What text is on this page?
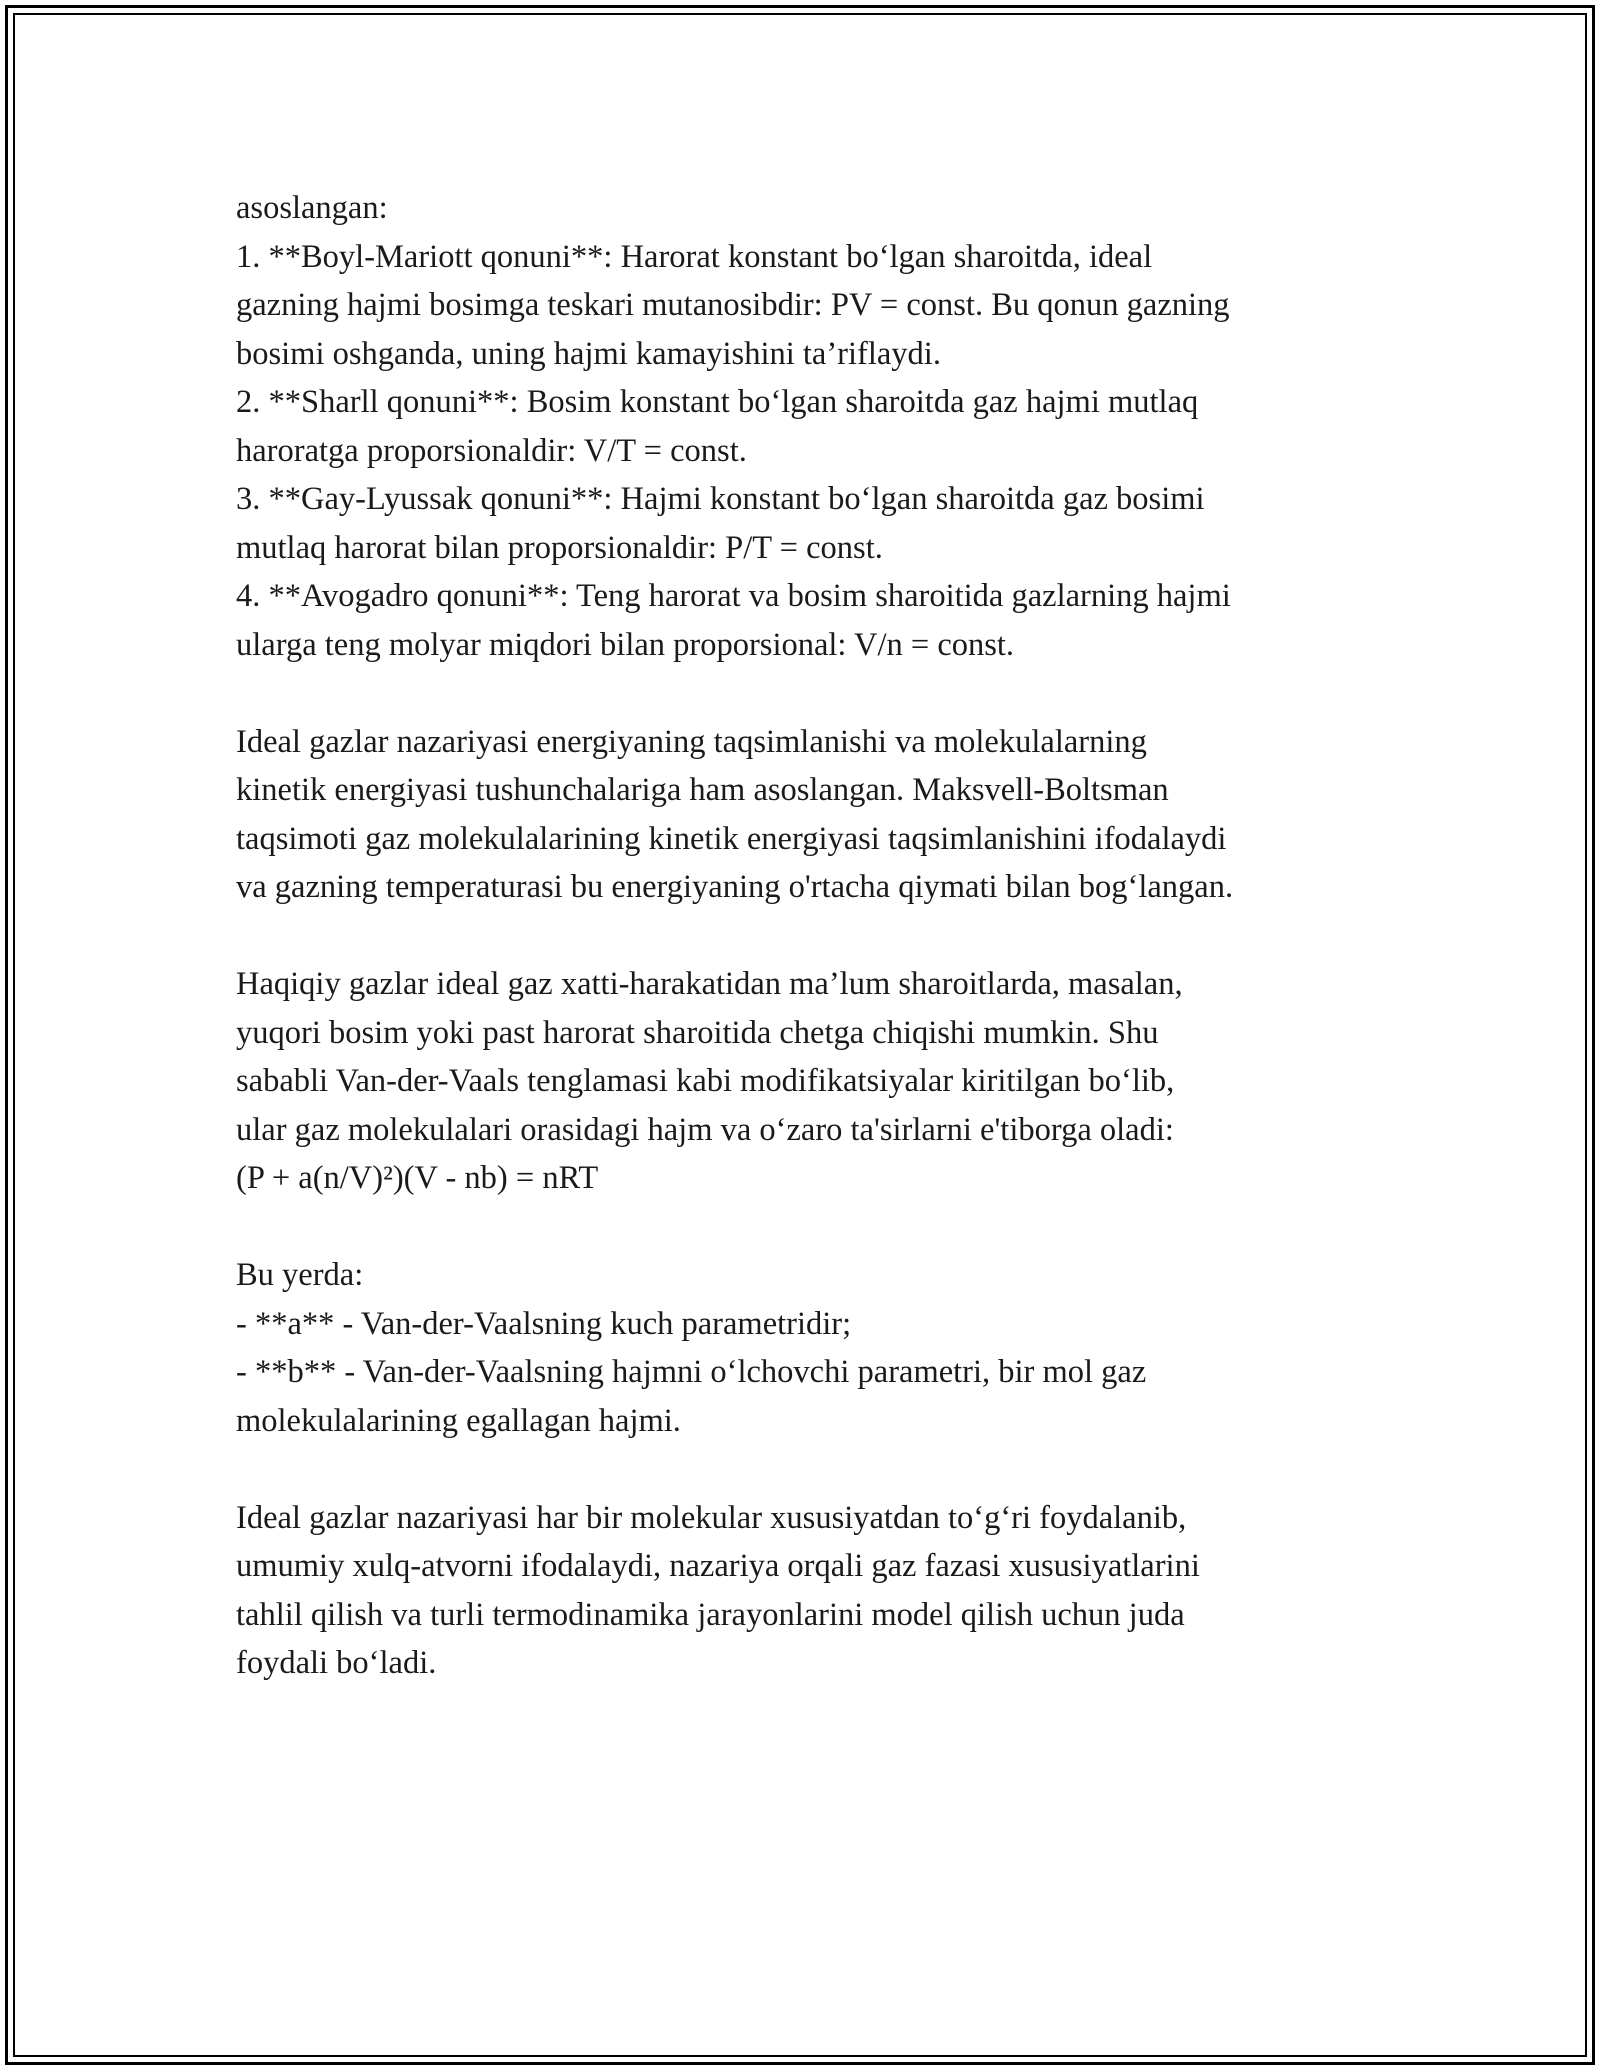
asoslangan:
1. **Boyl-Mariott qonuni**: Harorat konstant bo‘lgan sharoitda, ideal
gazning hajmi bosimga teskari mutanosibdir: PV = const. Bu qonun gazning
bosimi oshganda, uning hajmi kamayishini ta’riflaydi.
2. **Sharll qonuni**: Bosim konstant bo‘lgan sharoitda gaz hajmi mutlaq
haroratga proporsionaldir: V/T = const.
3. **Gay-Lyussak qonuni**: Hajmi konstant bo‘lgan sharoitda gaz bosimi
mutlaq harorat bilan proporsionaldir: P/T = const.
4. **Avogadro qonuni**: Teng harorat va bosim sharoitida gazlarning hajmi
ularga teng molyar miqdori bilan proporsional: V/n = const.
Ideal gazlar nazariyasi energiyaning taqsimlanishi va molekulalarning
kinetik energiyasi tushunchalariga ham asoslangan. Maksvell-Boltsman
taqsimoti gaz molekulalarining kinetik energiyasi taqsimlanishini ifodalaydi
va gazning temperaturasi bu energiyaning o'rtacha qiymati bilan bog‘langan.
Haqiqiy gazlar ideal gaz xatti-harakatidan ma’lum sharoitlarda, masalan,
yuqori bosim yoki past harorat sharoitida chetga chiqishi mumkin. Shu
sababli Van-der-Vaals tenglamasi kabi modifikatsiyalar kiritilgan bo‘lib,
ular gaz molekulalari orasidagi hajm va o‘zaro ta'sirlarni e'tiborga oladi:
(P + a(n/V)²)(V - nb) = nRT
Bu yerda:
- **a** - Van-der-Vaalsning kuch parametridir;
- **b** - Van-der-Vaalsning hajmni o‘lchovchi parametri, bir mol gaz
molekulalarining egallagan hajmi.
Ideal gazlar nazariyasi har bir molekular xususiyatdan to‘g‘ri foydalanib,
umumiy xulq-atvorni ifodalaydi, nazariya orqali gaz fazasi xususiyatlarini
tahlil qilish va turli termodinamika jarayonlarini model qilish uchun juda
foydali bo‘ladi.
